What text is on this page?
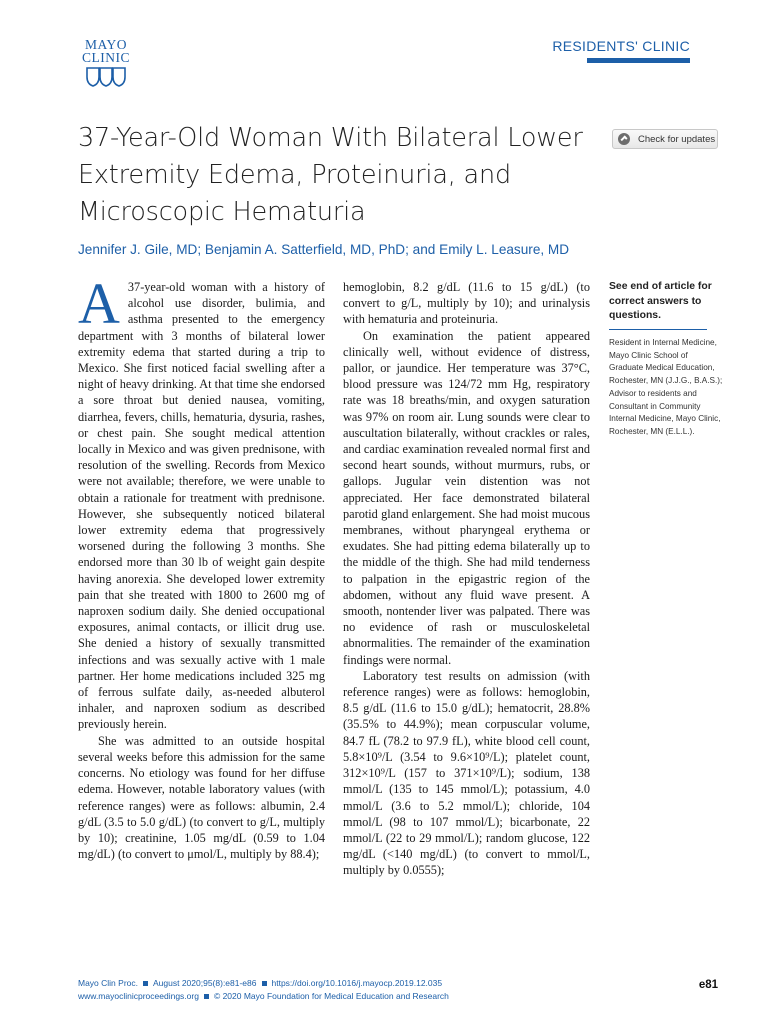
MAYO
CLINIC
RESIDENTS' CLINIC
37-Year-Old Woman With Bilateral Lower Extremity Edema, Proteinuria, and Microscopic Hematuria
Check for updates
Jennifer J. Gile, MD; Benjamin A. Satterfield, MD, PhD; and Emily L. Leasure, MD

A 37-year-old woman with a history of alcohol use disorder, bulimia, and asthma presented to the emergency department with 3 months of bilateral lower extremity edema that started during a trip to Mexico. She first noticed facial swelling after a night of heavy drinking. At that time she endorsed a sore throat but denied nausea, vomiting, diarrhea, fevers, chills, hematuria, dysuria, rashes, or chest pain. She sought medical attention locally in Mexico and was given prednisone, with resolution of the swelling. Records from Mexico were not available; therefore, we were unable to obtain a rationale for treatment with prednisone. However, she subsequently noticed bilateral lower extremity edema that progressively worsened during the following 3 months. She endorsed more than 30 lb of weight gain despite having anorexia. She developed lower extremity pain that she treated with 1800 to 2600 mg of naproxen sodium daily. She denied occupational exposures, animal contacts, or illicit drug use. She denied a history of sexually transmitted infections and was sexually active with 1 male partner. Her home medications included 325 mg of ferrous sulfate daily, as-needed albuterol inhaler, and naproxen sodium as described previously herein.

She was admitted to an outside hospital several weeks before this admission for the same concerns. No etiology was found for her diffuse edema. However, notable laboratory values (with reference ranges) were as follows: albumin, 2.4 g/dL (3.5 to 5.0 g/dL) (to convert to g/L, multiply by 10); creatinine, 1.05 mg/dL (0.59 to 1.04 mg/dL) (to convert to μmol/L, multiply by 88.4);

hemoglobin, 8.2 g/dL (11.6 to 15 g/dL) (to convert to g/L, multiply by 10); and urinalysis with hematuria and proteinuria.

On examination the patient appeared clinically well, without evidence of distress, pallor, or jaundice. Her temperature was 37°C, blood pressure was 124/72 mm Hg, respiratory rate was 18 breaths/min, and oxygen saturation was 97% on room air. Lung sounds were clear to auscultation bilaterally, without crackles or rales, and cardiac examination revealed normal first and second heart sounds, without murmurs, rubs, or gallops. Jugular vein distention was not appreciated. Her face demonstrated bilateral parotid gland enlargement. She had moist mucous membranes, without pharyngeal erythema or exudates. She had pitting edema bilaterally up to the middle of the thigh. She had mild tenderness to palpation in the epigastric region of the abdomen, without any fluid wave present. A smooth, nontender liver was palpated. There was no evidence of rash or musculoskeletal abnormalities. The remainder of the examination findings were normal.

Laboratory test results on admission (with reference ranges) were as follows: hemoglobin, 8.5 g/dL (11.6 to 15.0 g/dL); hematocrit, 28.8% (35.5% to 44.9%); mean corpuscular volume, 84.7 fL (78.2 to 97.9 fL), white blood cell count, 5.8×10⁹/L (3.54 to 9.6×10⁹/L); platelet count, 312×10⁹/L (157 to 371×10⁹/L); sodium, 138 mmol/L (135 to 145 mmol/L); potassium, 4.0 mmol/L (3.6 to 5.2 mmol/L); chloride, 104 mmol/L (98 to 107 mmol/L); bicarbonate, 22 mmol/L (22 to 29 mmol/L); random glucose, 122 mg/dL (<140 mg/dL) (to convert to mmol/L, multiply by 0.0555);

See end of article for correct answers to questions.
Resident in Internal Medicine, Mayo Clinic School of Graduate Medical Education, Rochester, MN (J.J.G., B.A.S.); Advisor to residents and Consultant in Community Internal Medicine, Mayo Clinic, Rochester, MN (E.L.L.).
Mayo Clin Proc. August 2020;95(8):e81-e86 https://doi.org/10.1016/j.mayocp.2019.12.035
www.mayoclinicproceedings.org © 2020 Mayo Foundation for Medical Education and Research
e81
